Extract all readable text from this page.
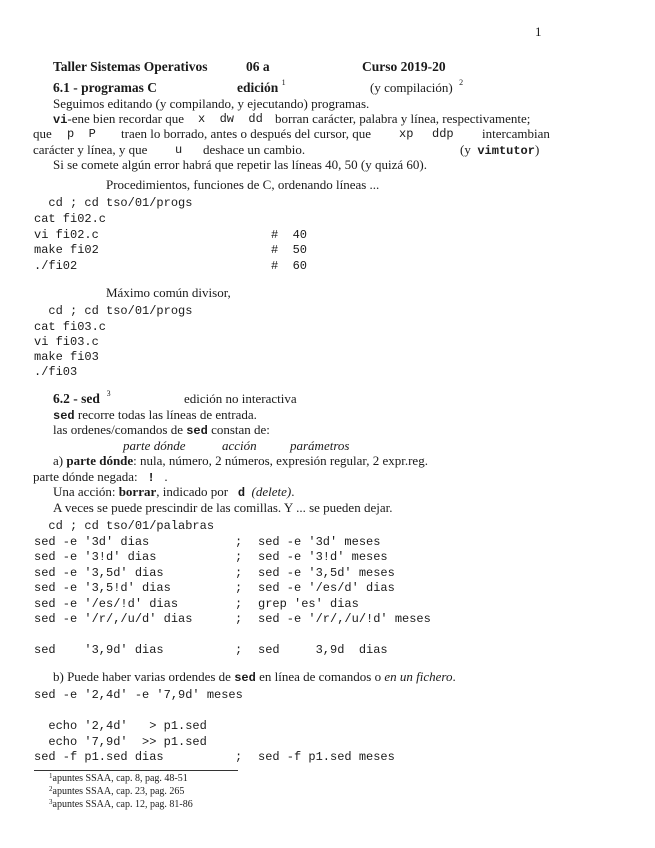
1
Taller Sistemas Operativos	06 a	Curso 2019-20
6.1 - programas C	edición $^1$	(y compilación) $^2$
Seguimos editando (y compilando, y ejecutando) programas.
vi-ene bien recordar que x  dw  dd borran carácter, palabra y línea, respectivamente;
que p  P traen lo borrado, antes o después del cursor, que xp ddp intercambian
carácter y línea, y que u deshace un cambio.	(y vimtutor)
Si se comete algún error habrá que repetir las líneas 40, 50 (y quizá 60).
Procedimientos, funciones de C, ordenando líneas ...
cd ; cd tso/01/progs
cat fi02.c
vi fi02.c	#  40
make fi02	#  50
./fi02	#  60
Máximo común divisor,
cd ; cd tso/01/progs
cat fi03.c
vi fi03.c
make fi03
./fi03
6.2 - sed $^3$	edición no interactiva
sed recorre todas las líneas de entrada.
las ordenes/comandos de sed constan de:
parte dónde	acción	parámetros
a) parte dónde: nula, número, 2 números, expresión regular, 2 expr.reg.
parte dónde negada: ! .
Una acción: borrar, indicado por d (delete).
A veces se puede prescindir de las comillas. Y ... se pueden dejar.
cd ; cd tso/01/palabras
sed -e '3d' dias	; sed -e '3d' meses
sed -e '3!d' dias	; sed -e '3!d' meses
sed -e '3,5d' dias	; sed -e '3,5d' meses
sed -e '3,5!d' dias	; sed -e '/es/d' dias
sed -e '/es/!d' dias	; grep 'es' dias
sed -e '/r/,/u/d' dias	; sed -e '/r/,/u/!d' meses
sed    '3,9d' dias	; sed     3,9d  dias
b) Puede haber varias ordendes de sed en línea de comandos o en un fichero.
sed -e '2,4d' -e '7,9d' meses
echo '2,4d'   > p1.sed
echo '7,9d'  >> p1.sed
sed -f p1.sed dias	; sed -f p1.sed meses
$^1$apuntes SSAA, cap. 8, pag. 48-51
$^2$apuntes SSAA, cap. 23, pag. 265
$^3$apuntes SSAA, cap. 12, pag. 81-86
